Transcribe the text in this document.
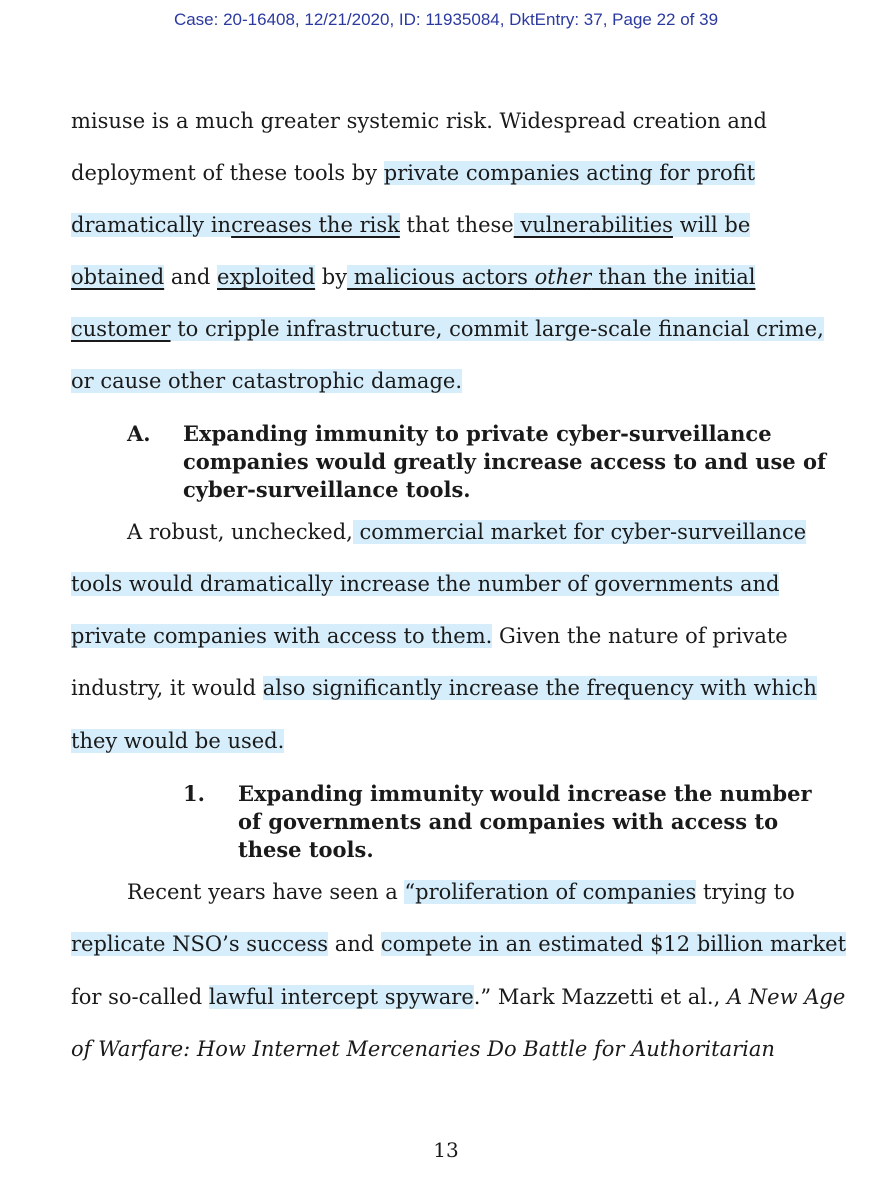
Case: 20-16408, 12/21/2020, ID: 11935084, DktEntry: 37, Page 22 of 39
misuse is a much greater systemic risk. Widespread creation and
deployment of these tools by private companies acting for profit
dramatically increases the risk that these vulnerabilities will be
obtained and exploited by malicious actors other than the initial
customer to cripple infrastructure, commit large-scale financial crime,
or cause other catastrophic damage.
A. Expanding immunity to private cyber-surveillance
companies would greatly increase access to and use of
cyber-surveillance tools.
A robust, unchecked, commercial market for cyber-surveillance
tools would dramatically increase the number of governments and
private companies with access to them. Given the nature of private
industry, it would also significantly increase the frequency with which
they would be used.
1. Expanding immunity would increase the number
of governments and companies with access to
these tools.
Recent years have seen a “proliferation of companies trying to
replicate NSO’s success and compete in an estimated $12 billion market
for so-called lawful intercept spyware.” Mark Mazzetti et al., A New Age
of Warfare: How Internet Mercenaries Do Battle for Authoritarian
13
